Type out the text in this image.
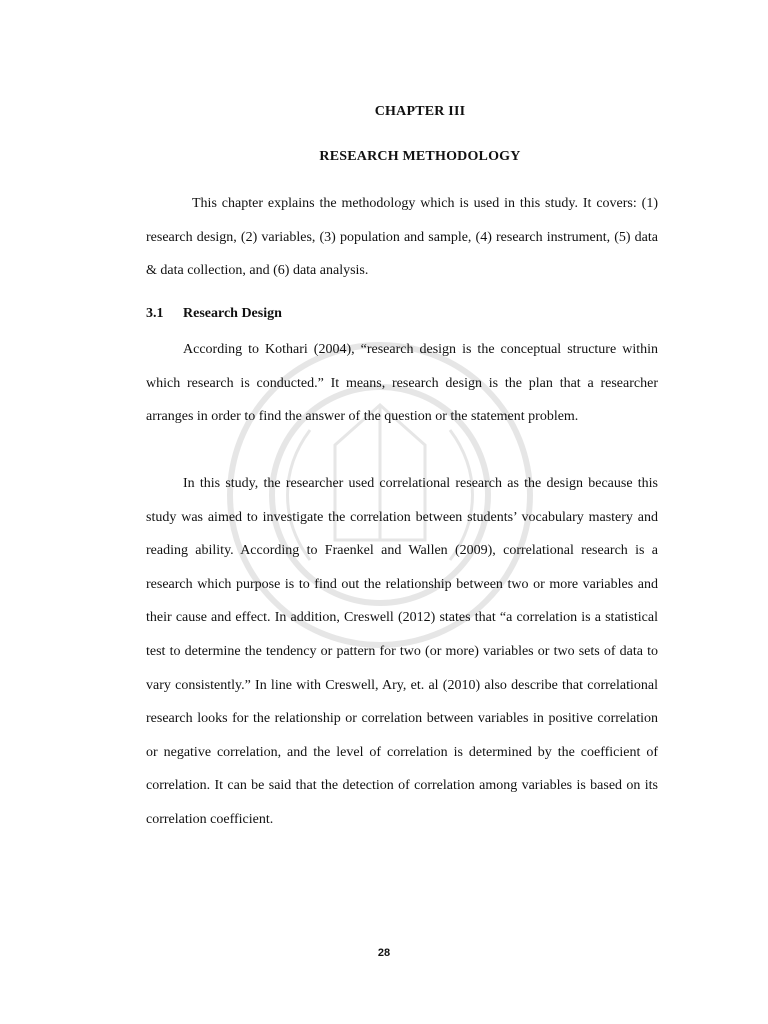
CHAPTER III
RESEARCH METHODOLOGY

This chapter explains the methodology which is used in this study. It covers: (1) research design, (2) variables, (3) population and sample, (4) research instrument, (5) data & data collection, and (6) data analysis.

3.1 Research Design

According to Kothari (2004), “research design is the conceptual structure within which research is conducted.” It means, research design is the plan that a researcher arranges in order to find the answer of the question or the statement problem.

In this study, the researcher used correlational research as the design because this study was aimed to investigate the correlation between students’ vocabulary mastery and reading ability. According to Fraenkel and Wallen (2009), correlational research is a research which purpose is to find out the relationship between two or more variables and their cause and effect. In addition, Creswell (2012) states that “a correlation is a statistical test to determine the tendency or pattern for two (or more) variables or two sets of data to vary consistently.” In line with Creswell, Ary, et. al (2010) also describe that correlational research looks for the relationship or correlation between variables in positive correlation or negative correlation, and the level of correlation is determined by the coefficient of correlation. It can be said that the detection of correlation among variables is based on its correlation coefficient.

28
